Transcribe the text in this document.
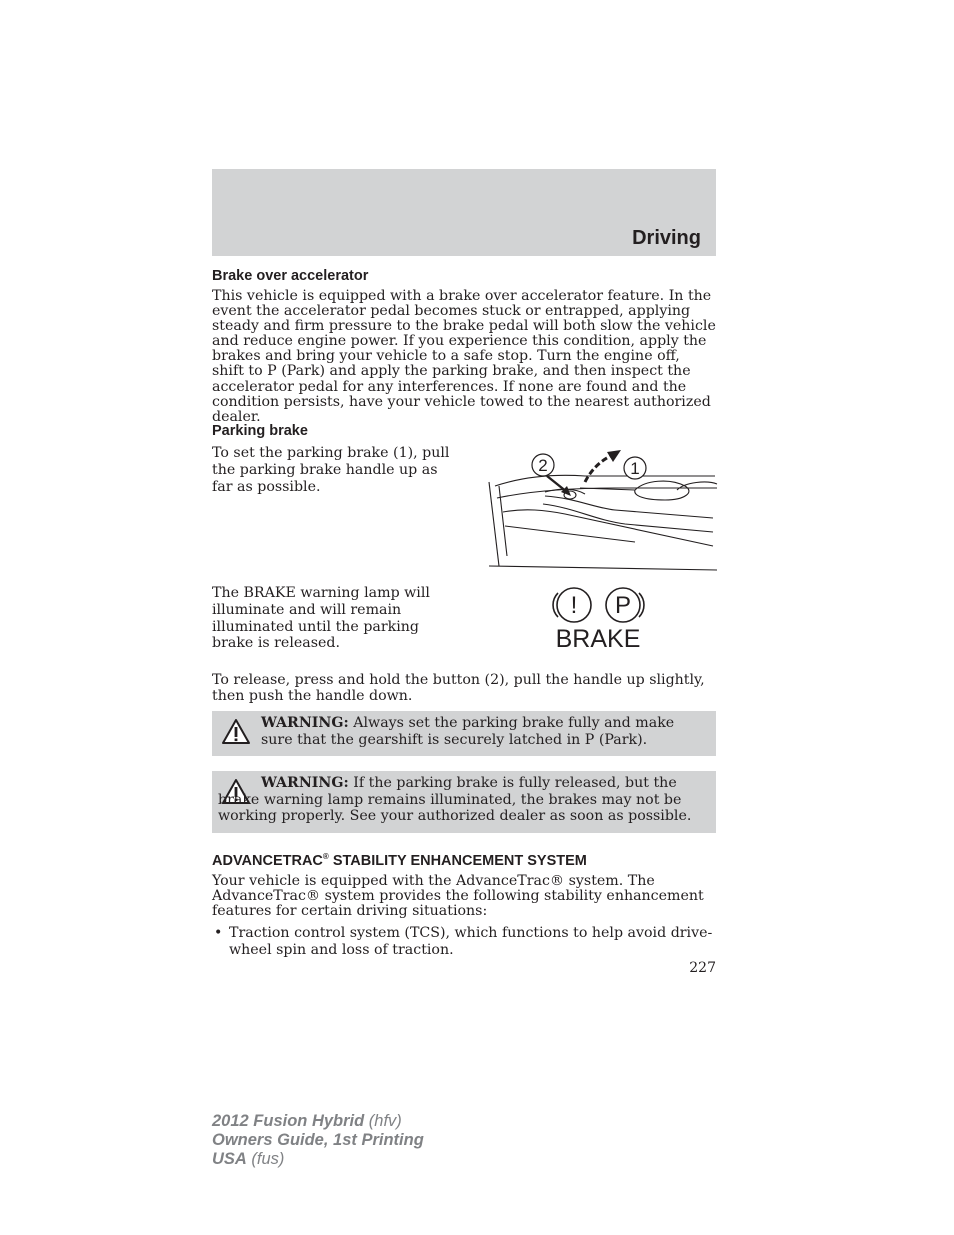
Driving
Brake over accelerator

This vehicle is equipped with a brake over accelerator feature. In the event the accelerator pedal becomes stuck or entrapped, applying steady and firm pressure to the brake pedal will both slow the vehicle and reduce engine power. If you experience this condition, apply the brakes and bring your vehicle to a safe stop. Turn the engine off, shift to P (Park) and apply the parking brake, and then inspect the accelerator pedal for any interferences. If none are found and the condition persists, have your vehicle towed to the nearest authorized dealer.

Parking brake

To set the parking brake (1), pull the parking brake handle up as far as possible.

2	1

The BRAKE warning lamp will illuminate and will remain illuminated until the parking brake is released.

! P
BRAKE

To release, press and hold the button (2), pull the handle up slightly, then push the handle down.

WARNING: Always set the parking brake fully and make sure that the gearshift is securely latched in P (Park).
WARNING: If the parking brake is fully released, but the brake warning lamp remains illuminated, the brakes may not be working properly. See your authorized dealer as soon as possible.
ADVANCETRAC® STABILITY ENHANCEMENT SYSTEM

Your vehicle is equipped with the AdvanceTrac® system. The AdvanceTrac® system provides the following stability enhancement features for certain driving situations:

• Traction control system (TCS), which functions to help avoid drive-wheel spin and loss of traction.
227
2012 Fusion Hybrid (hfv)
Owners Guide, 1st Printing
USA (fus)
